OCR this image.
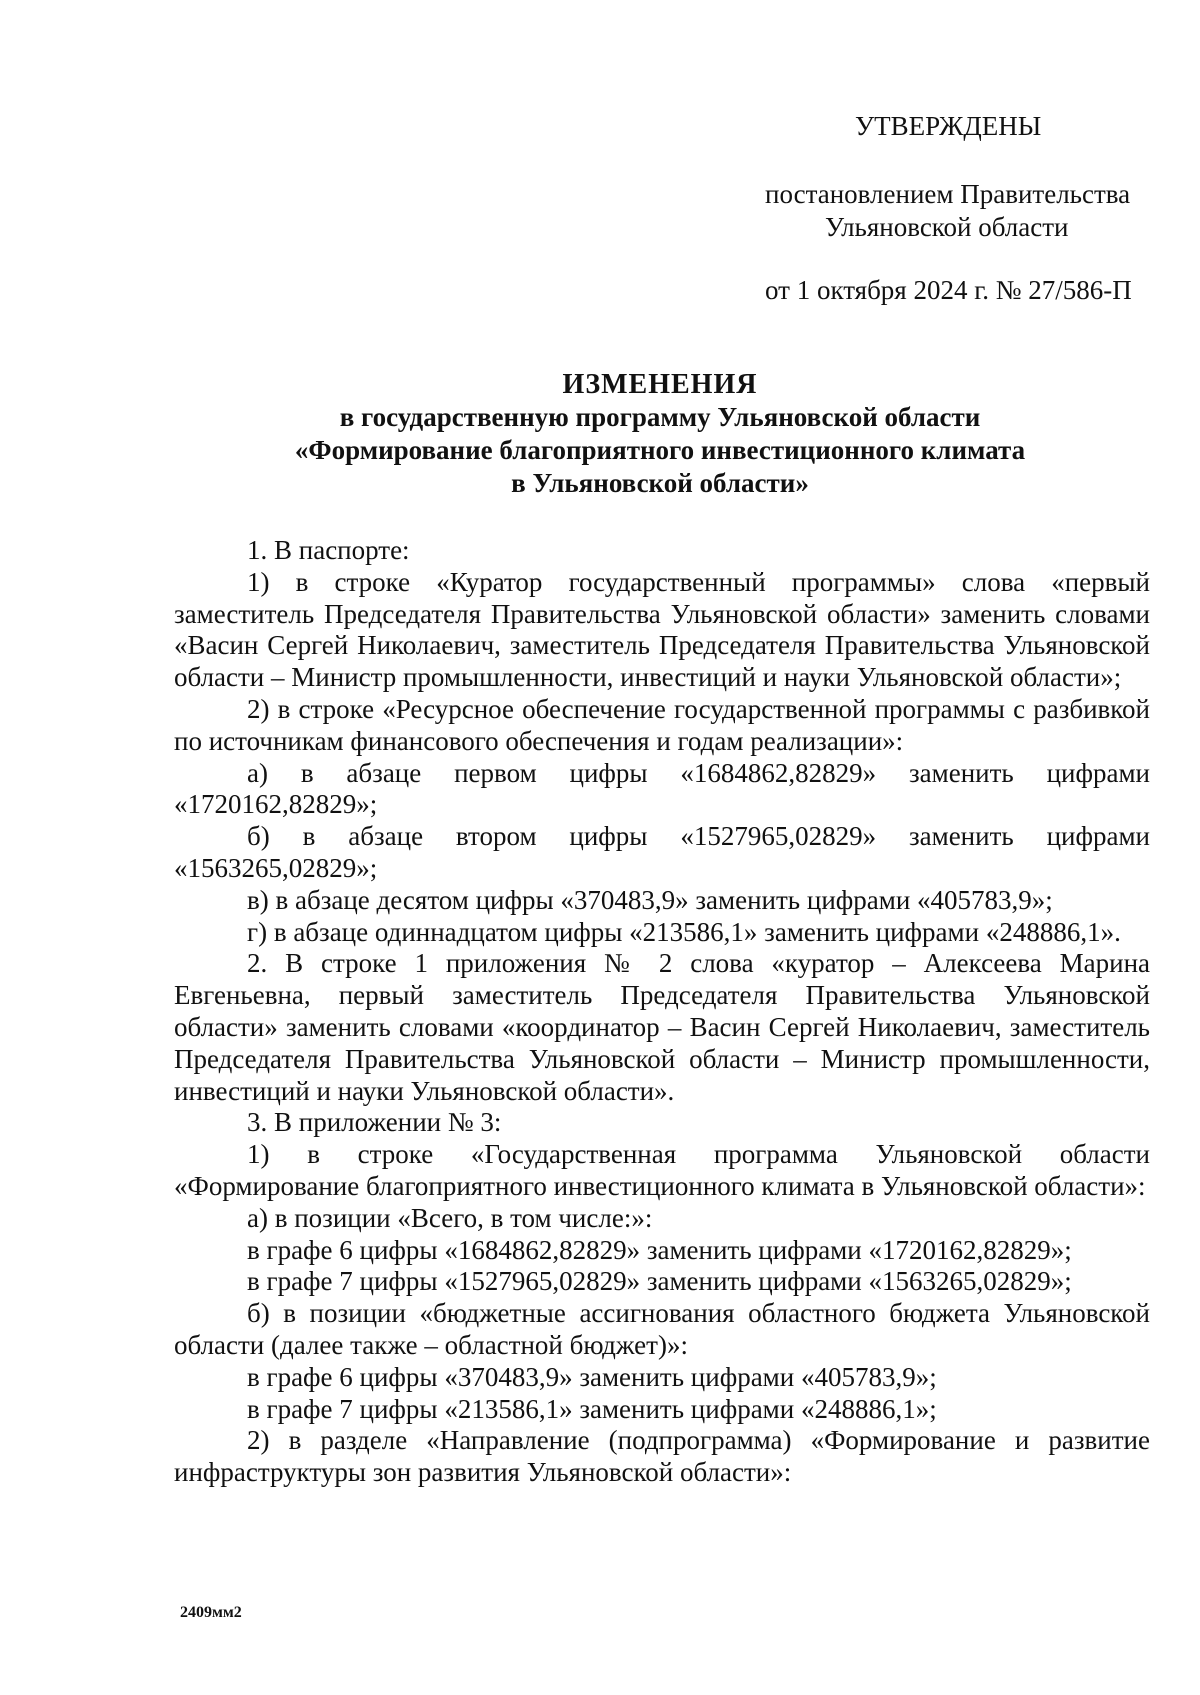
УТВЕРЖДЕНЫ
постановлением Правительства
Ульяновской области
от 1 октября 2024 г. № 27/586-П
ИЗМЕНЕНИЯ
в государственную программу Ульяновской области
«Формирование благоприятного инвестиционного климата
в Ульяновской области»

1. В паспорте:

1) в строке «Куратор государственный программы» слова «первый заместитель Председателя Правительства Ульяновской области» заменить словами «Васин Сергей Николаевич, заместитель Председателя Правительства Ульяновской области – Министр промышленности, инвестиций и науки Ульяновской области»;

2) в строке «Ресурсное обеспечение государственной программы с разбивкой по источникам финансового обеспечения и годам реализации»:

а) в абзаце первом цифры «1684862,82829» заменить цифрами «1720162,82829»;

б) в абзаце втором цифры «1527965,02829» заменить цифрами «1563265,02829»;

в) в абзаце десятом цифры «370483,9» заменить цифрами «405783,9»;

г) в абзаце одиннадцатом цифры «213586,1» заменить цифрами «248886,1».

2. В строке 1 приложения № 2 слова «куратор – Алексеева Марина Евгеньевна, первый заместитель Председателя Правительства Ульяновской области» заменить словами «координатор – Васин Сергей Николаевич, заместитель Председателя Правительства Ульяновской области – Министр промышленности, инвестиций и науки Ульяновской области».

3. В приложении № 3:

1) в строке «Государственная программа Ульяновской области «Формирование благоприятного инвестиционного климата в Ульяновской области»:

а) в позиции «Всего, в том числе:»:

в графе 6 цифры «1684862,82829» заменить цифрами «1720162,82829»;

в графе 7 цифры «1527965,02829» заменить цифрами «1563265,02829»;

б) в позиции «бюджетные ассигнования областного бюджета Ульяновской области (далее также – областной бюджет)»:

в графе 6 цифры «370483,9» заменить цифрами «405783,9»;

в графе 7 цифры «213586,1» заменить цифрами «248886,1»;

2) в разделе «Направление (подпрограмма) «Формирование и развитие инфраструктуры зон развития Ульяновской области»:

2409мм2
